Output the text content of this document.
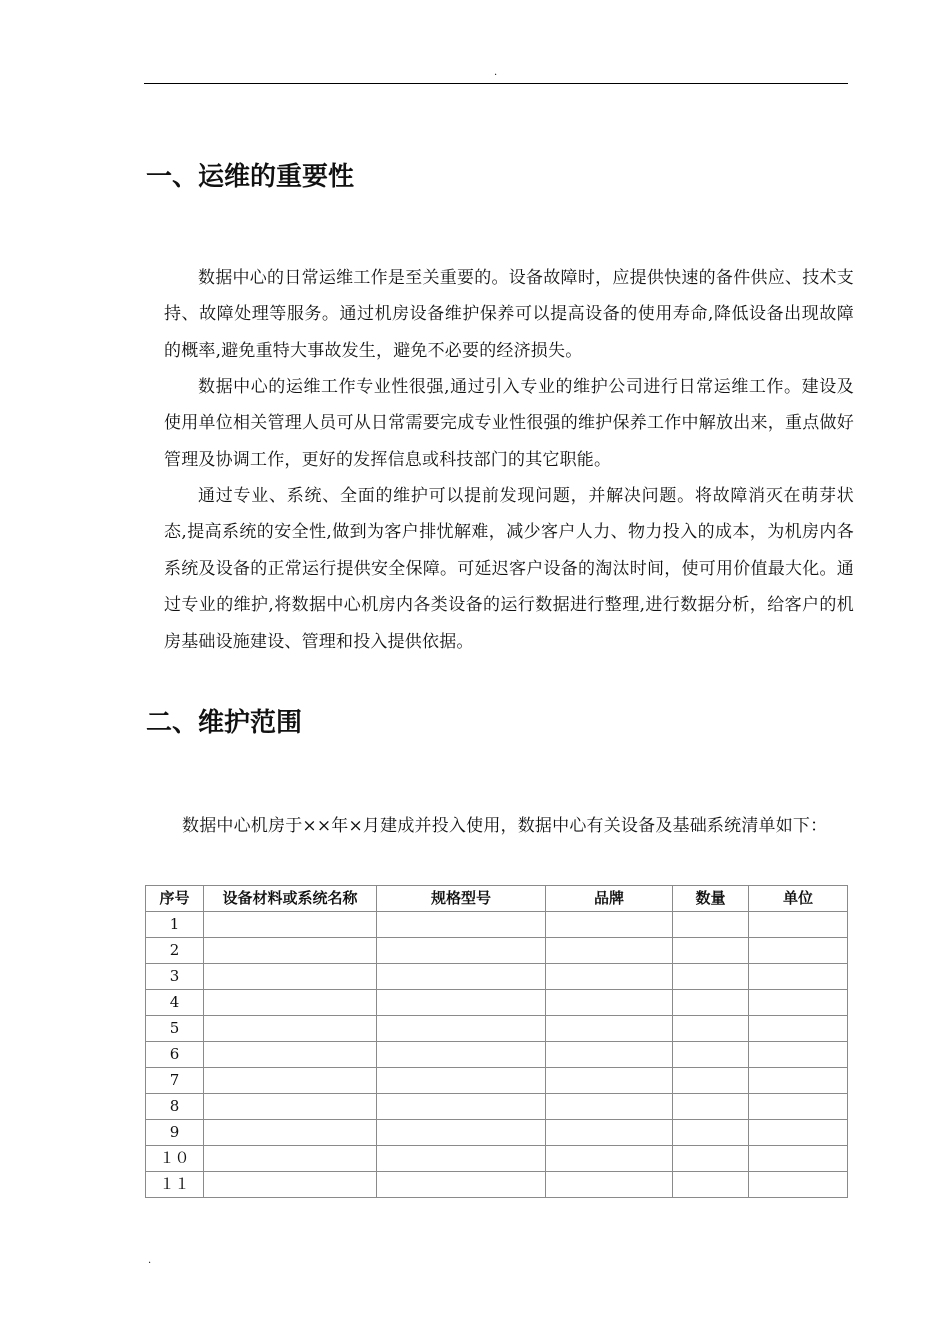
.
一、运维的重要性

数据中心的日常运维工作是至关重要的。设备故障时，应提供快速的备件供应、技术支持、故障处理等服务。通过机房设备维护保养可以提高设备的使用寿命,降低设备出现故障的概率,避免重特大事故发生，避免不必要的经济损失。

数据中心的运维工作专业性很强,通过引入专业的维护公司进行日常运维工作。建设及使用单位相关管理人员可从日常需要完成专业性很强的维护保养工作中解放出来，重点做好管理及协调工作，更好的发挥信息或科技部门的其它职能。

通过专业、系统、全面的维护可以提前发现问题，并解决问题。将故障消灭在萌芽状态,提高系统的安全性,做到为客户排忧解难，减少客户人力、物力投入的成本，为机房内各系统及设备的正常运行提供安全保障。可延迟客户设备的淘汰时间，使可用价值最大化。通过专业的维护,将数据中心机房内各类设备的运行数据进行整理,进行数据分析，给客户的机房基础设施建设、管理和投入提供依据。

二、维护范围

数据中心机房于××年×月建成并投入使用，数据中心有关设备及基础系统清单如下：

序号	设备材料或系统名称	规格型号	品牌	数量	单位
1					
2					
3					
4					
5					
6					
7					
8					
9					
１０					
１１					
.
